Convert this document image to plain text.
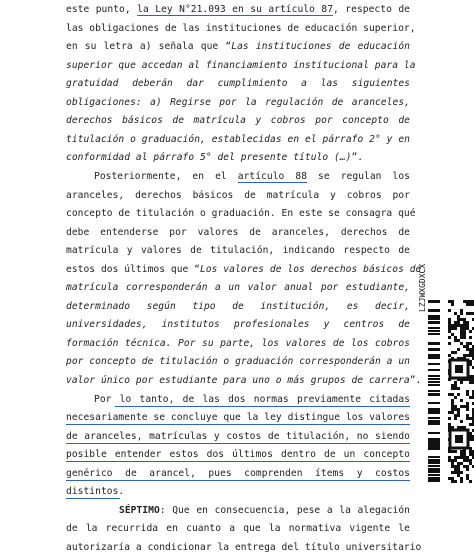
este punto, la Ley N°21.093 en su artículo 87, respecto de
las obligaciones de las instituciones de educación superior,
en su letra a) señala que “Las instituciones de educación
superior que accedan al financiamiento institucional para la
gratuidad deberán dar cumplimiento a las siguientes
obligaciones: a) Regirse por la regulación de aranceles,
derechos básicos de matrícula y cobros por concepto de
titulación o graduación, establecidas en el párrafo 2° y en
conformidad al párrafo 5° del presente título (…)”.
Posteriormente, en el artículo 88 se regulan los
aranceles, derechos básicos de matrícula y cobros por
concepto de titulación o graduación. En este se consagra qué
debe entenderse por valores de aranceles, derechos de
matrícula y valores de titulación, indicando respecto de
estos dos últimos que “Los valores de los derechos básicos de
matrícula corresponderán a un valor anual por estudiante,
determinado según tipo de institución, es decir,
universidades, institutos profesionales y centros de
formación técnica. Por su parte, los valores de los cobros
por concepto de titulación o graduación corresponderán a un
valor único por estudiante para uno o más grupos de carrera”.
Por lo tanto, de las dos normas previamente citadas
necesariamente se concluye que la ley distingue los valores
de aranceles, matrículas y costos de titulación, no siendo
posible entender estos dos últimos dentro de un concepto
genérico de arancel, pues comprenden ítems y costos
distintos.
SÉPTIMO: Que en consecuencia, pese a la alegación
de la recurrida en cuanto a que la normativa vigente le
autorizaría a condicionar la entrega del título universitario
LZJWXGDXCX
